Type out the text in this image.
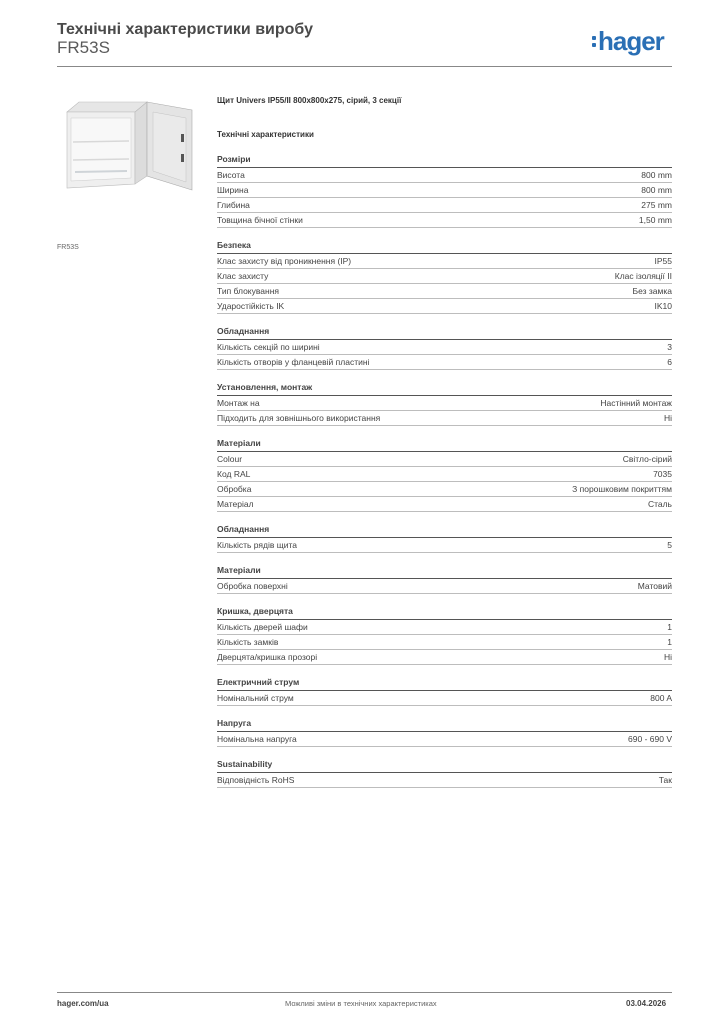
Технічні характеристики виробу
FR53S	hager
FR53S
Щит Univers IP55/II 800x800x275, сірий, 3 секції
Технічні характеристики
Розміри
Висота	800 mm
Ширина	800 mm
Глибина	275 mm
Товщина бічної стінки	1,50 mm
Безпека
Клас захисту від проникнення (IP)	IP55
Клас захисту	Клас ізоляції II
Тип блокування	Без замка
Ударостійкість IK	IK10
Обладнання
Кількість секцій по ширині	3
Кількість отворів у фланцевій пластині	6
Установлення, монтаж
Монтаж на	Настінний монтаж
Підходить для зовнішнього використання	Ні
Матеріали
Colour	Світло-сірий
Код RAL	7035
Обробка	З порошковим покриттям
Матеріал	Сталь
Обладнання
Кількість рядів щита	5
Матеріали
Обробка поверхні	Матовий
Кришка, дверцята
Кількість дверей шафи	1
Кількість замків	1
Дверцята/кришка прозорі	Ні
Електричний струм
Номінальний струм	800 A
Напруга
Номінальна напруга	690 - 690 V
Sustainability
Відповідність RoHS	Так
hager.com/ua	Можливі зміни в технічних характеристиках	03.04.2026
